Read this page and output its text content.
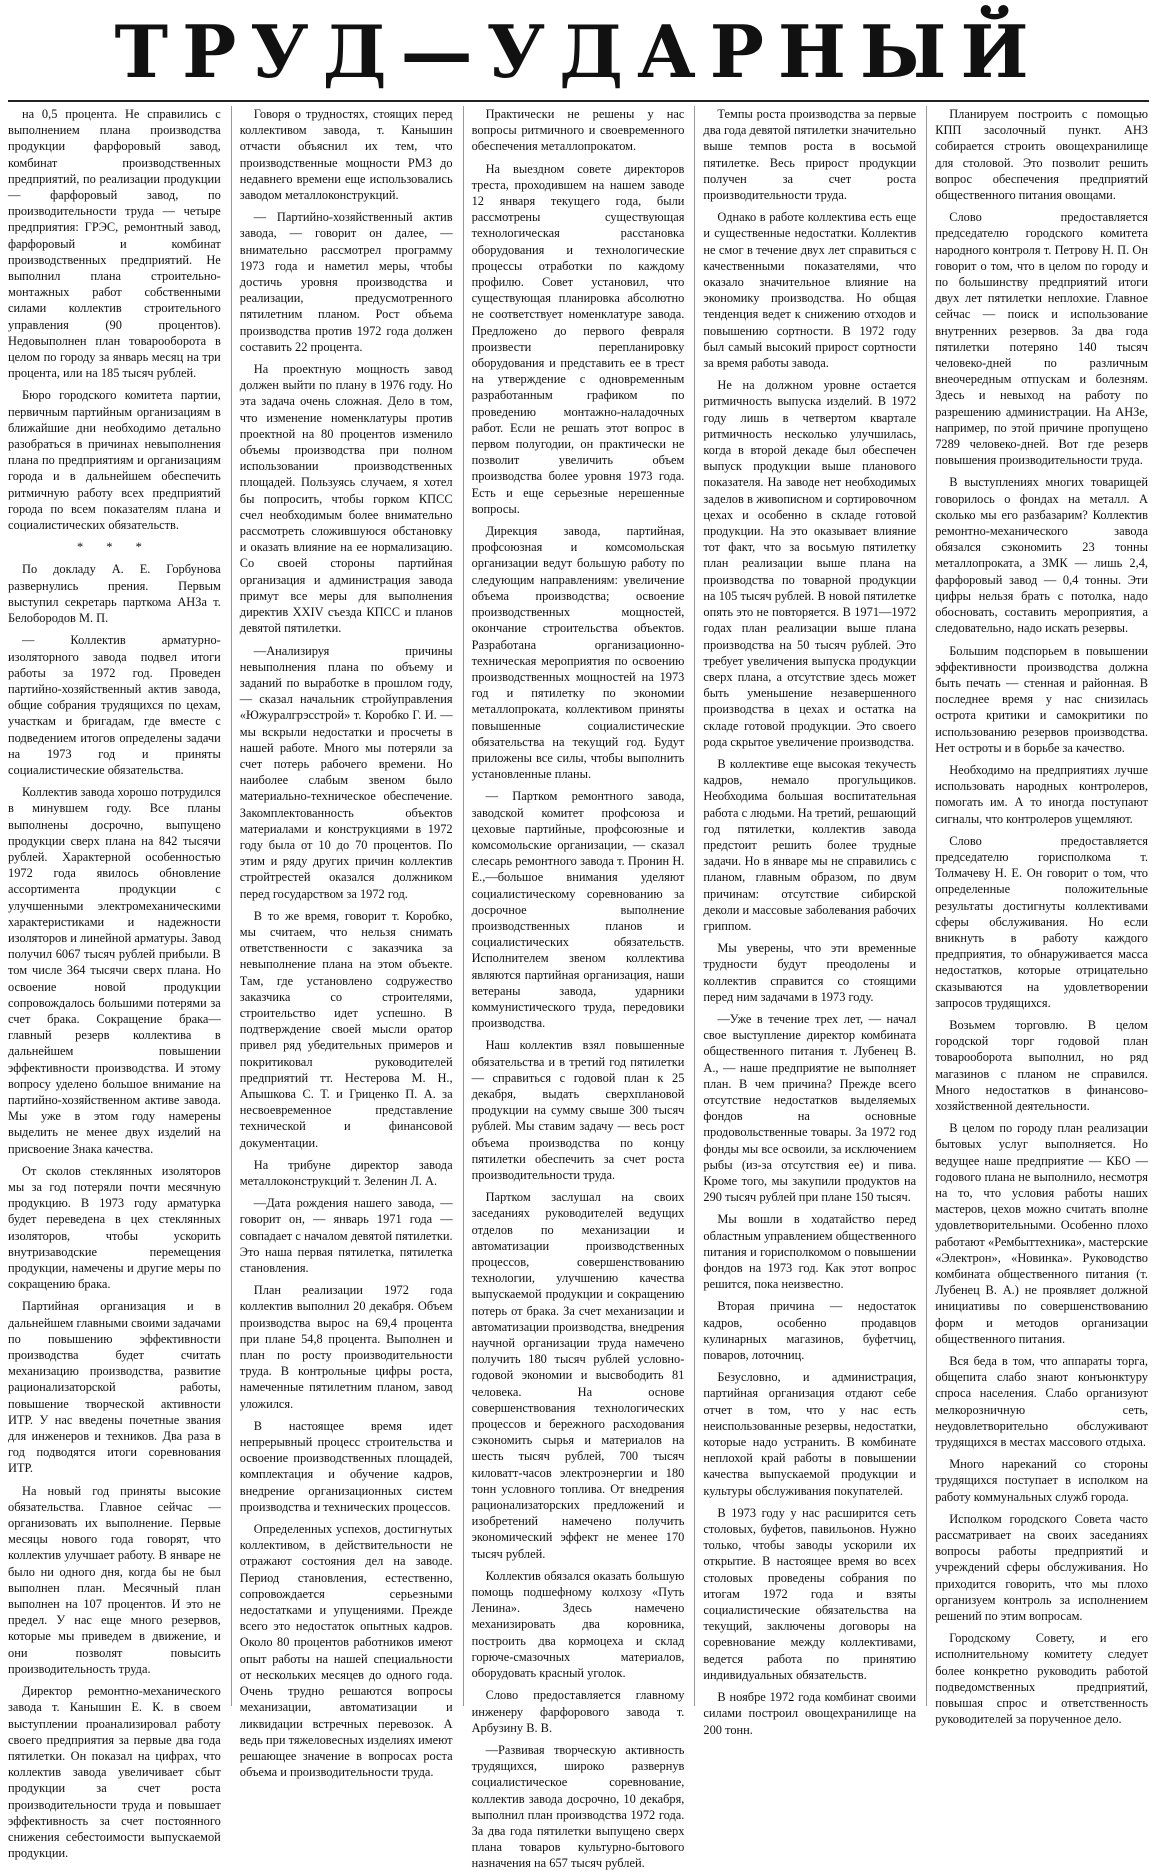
ТРУД—УДАРНЫЙ

на 0,5 процента. Не справились с выполнением плана производства продукции фарфоровый завод, комбинат производственных предприятий, по реализации продукции — фарфоровый завод, по производительности труда — четыре предприятия: ГРЭС, ремонтный завод, фарфоровый и комбинат производственных предприятий. Не выполнил плана строительно-монтажных работ собственными силами коллектив строительного управления (90 процентов). Недовыполнен план товарооборота в целом по городу за январь месяц на три процента, или на 185 тысяч рублей.

Бюро городского комитета партии, первичным партийным организациям в ближайшие дни необходимо детально разобраться в причинах невыполнения плана по предприятиям и организациям города и в дальнейшем обеспечить ритмичную работу всех предприятий города по всем показателям плана и социалистических обязательств.

* * *

По докладу А. Е. Горбунова развернулись прения. Первым выступил секретарь парткома АНЗа т. Белобородов М. П.

— Коллектив арматурно-изоляторного завода подвел итоги работы за 1972 год. Проведен партийно-хозяйственный актив завода, общие собрания трудящихся по цехам, участкам и бригадам, где вместе с подведением итогов определены задачи на 1973 год и приняты социалистические обязательства.

Коллектив завода хорошо потрудился в минувшем году. Все планы выполнены досрочно, выпущено продукции сверх плана на 842 тысячи рублей. Характерной особенностью 1972 года явилось обновление ассортимента продукции с улучшенными электромеханическими характеристиками и надежности изоляторов и линейной арматуры. Завод получил 6067 тысяч рублей прибыли. В том числе 364 тысячи сверх плана. Но освоение новой продукции сопровождалось большими потерями за счет брака. Сокращение брака—главный резерв коллектива в дальнейшем повышении эффективности производства. И этому вопросу уделено большое внимание на партийно-хозяйственном активе завода. Мы уже в этом году намерены выделить не менее двух изделий на присвоение Знака качества.

От сколов стеклянных изоляторов мы за год потеряли почти месячную продукцию. В 1973 году арматурка будет переведена в цех стеклянных изоляторов, чтобы ускорить внутризаводские перемещения продукции, намечены и другие меры по сокращению брака.

Партийная организация и в дальнейшем главными своими задачами по повышению эффективности производства будет считать механизацию производства, развитие рационализаторской работы, повышение творческой активности ИТР. У нас введены почетные звания для инженеров и техников. Два раза в год подводятся итоги соревнования ИТР.

На новый год приняты высокие обязательства. Главное сейчас — организовать их выполнение. Первые месяцы нового года говорят, что коллектив улучшает работу. В январе не было ни одного дня, когда бы не был выполнен план. Месячный план выполнен на 107 процентов. И это не предел. У нас еще много резервов, которые мы приведем в движение, и они позволят повысить производительность труда.

Директор ремонтно-механического завода т. Канышин Е. К. в своем выступлении проанализировал работу своего предприятия за первые два года пятилетки. Он показал на цифрах, что коллектив завода увеличивает сбыт продукции за счет роста производительности труда и повышает эффективность за счет постоянного снижения себестоимости выпускаемой продукции.

Говоря о трудностях, стоящих перед коллективом завода, т. Канышин отчасти объяснил их тем, что производственные мощности РМЗ до недавнего времени еще использовались заводом металлоконструкций.

— Партийно-хозяйственный актив завода, — говорит он далее, — внимательно рассмотрел программу 1973 года и наметил меры, чтобы достичь уровня производства и реализации, предусмотренного пятилетним планом. Рост объема производства против 1972 года должен составить 22 процента.

На проектную мощность завод должен выйти по плану в 1976 году. Но эта задача очень сложная. Дело в том, что изменение номенклатуры против проектной на 80 процентов изменило объемы производства при полном использовании производственных площадей. Пользуясь случаем, я хотел бы попросить, чтобы горком КПСС счел необходимым более внимательно рассмотреть сложившуюся обстановку и оказать влияние на ее нормализацию. Со своей стороны партийная организация и администрация завода примут все меры для выполнения директив XXIV съезда КПСС и планов девятой пятилетки.

—Анализируя причины невыполнения плана по объему и заданий по выработке в прошлом году, — сказал начальник стройуправления «Южуралгрэсстрой» т. Коробко Г. И. — мы вскрыли недостатки и просчеты в нашей работе. Много мы потеряли за счет потерь рабочего времени. Но наиболее слабым звеном было материально-техническое обеспечение. Закомплектованность объектов материалами и конструкциями в 1972 году была от 10 до 70 процентов. По этим и ряду других причин коллектив стройтрестей оказался должником перед государством за 1972 год.

В то же время, говорит т. Коробко, мы считаем, что нельзя снимать ответственности с заказчика за невыполнение плана на этом объекте. Там, где установлено содружество заказчика со строителями, строительство идет успешно. В подтверждение своей мысли оратор привел ряд убедительных примеров и покритиковал руководителей предприятий тт. Нестерова М. Н., Апышкова С. Т. и Гриценко П. А. за несвоевременное представление технической и финансовой документации.

На трибуне директор завода металлоконструкций т. Зеленин Л. А.

—Дата рождения нашего завода, — говорит он, — январь 1971 года — совпадает с началом девятой пятилетки. Это наша первая пятилетка, пятилетка становления.

План реализации 1972 года коллектив выполнил 20 декабря. Объем производства вырос на 69,4 процента при плане 54,8 процента. Выполнен и план по росту производительности труда. В контрольные цифры роста, намеченные пятилетним планом, завод уложился.

В настоящее время идет непрерывный процесс строительства и освоение производственных площадей, комплектация и обучение кадров, внедрение организационных систем производства и технических процессов.

Определенных успехов, достигнутых коллективом, в действительности не отражают состояния дел на заводе. Период становления, естественно, сопровождается серьезными недостатками и упущениями. Прежде всего это недостаток опытных кадров. Около 80 процентов работников имеют опыт работы на нашей специальности от нескольких месяцев до одного года. Очень трудно решаются вопросы механизации, автоматизации и ликвидации встречных перевозок. А ведь при тяжеловесных изделиях имеют решающее значение в вопросах роста объема и производительности труда.

Практически не решены у нас вопросы ритмичного и своевременного обеспечения металлопрокатом.

На выездном совете директоров треста, проходившем на нашем заводе 12 января текущего года, были рассмотрены существующая технологическая расстановка оборудования и технологические процессы отработки по каждому профилю. Совет установил, что существующая планировка абсолютно не соответствует номенклатуре завода. Предложено до первого февраля произвести перепланировку оборудования и представить ее в трест на утверждение с одновременным разработанным графиком по проведению монтажно-наладочных работ. Если не решать этот вопрос в первом полугодии, он практически не позволит увеличить объем производства более уровня 1973 года. Есть и еще серьезные нерешенные вопросы.

Дирекция завода, партийная, профсоюзная и комсомольская организации ведут большую работу по следующим направлениям: увеличение объема производства; освоение производственных мощностей, окончание строительства объектов. Разработана организационно-техническая мероприятия по освоению производственных мощностей на 1973 год и пятилетку по экономии металлопроката, коллективом приняты повышенные социалистические обязательства на текущий год. Будут приложены все силы, чтобы выполнить установленные планы.

— Партком ремонтного завода, заводской комитет профсоюза и цеховые партийные, профсоюзные и комсомольские организации, — сказал слесарь ремонтного завода т. Пронин Н. Е.,—большое внимания уделяют социалистическому соревнованию за досрочное выполнение производственных планов и социалистических обязательств. Исполнителем звеном коллектива являются партийная организация, наши ветераны завода, ударники коммунистического труда, передовики производства.

Наш коллектив взял повышенные обязательства и в третий год пятилетки — справиться с годовой план к 25 декабря, выдать сверхплановой продукции на сумму свыше 300 тысяч рублей. Мы ставим задачу — весь рост объема производства по концу пятилетки обеспечить за счет роста производительности труда.

Партком заслушал на своих заседаниях руководителей ведущих отделов по механизации и автоматизации производственных процессов, совершенствованию технологии, улучшению качества выпускаемой продукции и сокращению потерь от брака. За счет механизации и автоматизации производства, внедрения научной организации труда намечено получить 180 тысяч рублей условно-годовой экономии и высвободить 81 человека. На основе совершенствования технологических процессов и бережного расходования сэкономить сырья и материалов на шесть тысяч рублей, 700 тысяч киловатт-часов электроэнергии и 180 тонн условного топлива. От внедрения рационализаторских предложений и изобретений намечено получить экономический эффект не менее 170 тысяч рублей.

Коллектив обязался оказать большую помощь подшефному колхозу «Путь Ленина». Здесь намечено механизировать два коровника, построить два кормоцеха и склад горюче-смазочных материалов, оборудовать красный уголок.

Слово предоставляется главному инженеру фарфорового завода т. Арбузину В. В.

—Развивая творческую активность трудящихся, широко развернув социалистическое соревнование, коллектив завода досрочно, 10 декабря, выполнил план производства 1972 года. За два года пятилетки выпущено сверх плана товаров культурно-бытового назначения на 657 тысяч рублей.

Темпы роста производства за первые два года девятой пятилетки значительно выше темпов роста в восьмой пятилетке. Весь прирост продукции получен за счет роста производительности труда.

Однако в работе коллектива есть еще и существенные недостатки. Коллектив не смог в течение двух лет справиться с качественными показателями, что оказало значительное влияние на экономику производства. Но общая тенденция ведет к снижению отходов и повышению сортности. В 1972 году был самый высокий прирост сортности за время работы завода.

Не на должном уровне остается ритмичность выпуска изделий. В 1972 году лишь в четвертом квартале ритмичность несколько улучшилась, когда в второй декаде был обеспечен выпуск продукции выше планового показателя. На заводе нет необходимых заделов в живописном и сортировочном цехах и особенно в складе готовой продукции. На это оказывает влияние тот факт, что за восьмую пятилетку план реализации выше плана на производства по товарной продукции на 105 тысяч рублей. В новой пятилетке опять это не повторяется. В 1971—1972 годах план реализации выше плана производства на 50 тысяч рублей. Это требует увеличения выпуска продукции сверх плана, а отсутствие здесь может быть уменьшение незавершенного производства в цехах и остатка на складе готовой продукции. Это своего рода скрытое увеличение производства.

В коллективе еще высокая текучесть кадров, немало прогульщиков. Необходима большая воспитательная работа с людьми. На третий, решающий год пятилетки, коллектив завода предстоит решить более трудные задачи. Но в январе мы не справились с планом, главным образом, по двум причинам: отсутствие сибирской деколи и массовые заболевания рабочих гриппом.

Мы уверены, что эти временные трудности будут преодолены и коллектив справится со стоящими перед ним задачами в 1973 году.

—Уже в течение трех лет, — начал свое выступление директор комбината общественного питания т. Лубенец В. А., — наше предприятие не выполняет план. В чем причина? Прежде всего отсутствие недостатков выделяемых фондов на основные продовольственные товары. За 1972 год фонды мы все освоили, за исключением рыбы (из-за отсутствия ее) и пива. Кроме того, мы закупили продуктов на 290 тысяч рублей при плане 150 тысяч.

Мы вошли в ходатайство перед областным управлением общественного питания и горисполкомом о повышении фондов на 1973 год. Как этот вопрос решится, пока неизвестно.

Вторая причина — недостаток кадров, особенно продавцов кулинарных магазинов, буфетчиц, поваров, лоточниц.

Безусловно, и администрация, партийная организация отдают себе отчет в том, что у нас есть неиспользованные резервы, недостатки, которые надо устранить. В комбинате неплохой край работы в повышении качества выпускаемой продукции и культуры обслуживания покупателей.

В 1973 году у нас расширится сеть столовых, буфетов, павильонов. Нужно только, чтобы заводы ускорили их открытие. В настоящее время во всех столовых проведены собрания по итогам 1972 года и взяты социалистические обязательства на текущий, заключены договоры на соревнование между коллективами, ведется работа по принятию индивидуальных обязательств.

В ноябре 1972 года комбинат своими силами построил овощехранилище на 200 тонн.

Планируем построить с помощью КПП засолочный пункт. АНЗ собирается строить овощехранилище для столовой. Это позволит решить вопрос обеспечения предприятий общественного питания овощами.

Слово предоставляется председателю городского комитета народного контроля т. Петрову Н. П. Он говорит о том, что в целом по городу и по большинству предприятий итоги двух лет пятилетки неплохие. Главное сейчас — поиск и использование внутренних резервов. За два года пятилетки потеряно 140 тысяч человеко-дней по различным внеочередным отпускам и болезням. Здесь и невыход на работу по разрешению администрации. На АНЗе, например, по этой причине пропущено 7289 человеко-дней. Вот где резерв повышения производительности труда.

В выступлениях многих товарищей говорилось о фондах на металл. А сколько мы его разбазарим? Коллектив ремонтно-механического завода обязался сэкономить 23 тонны металлопроката, а ЗМК — лишь 2,4, фарфоровый завод — 0,4 тонны. Эти цифры нельзя брать с потолка, надо обосновать, составить мероприятия, а следовательно, надо искать резервы.

Большим подспорьем в повышении эффективности производства должна быть печать — стенная и районная. В последнее время у нас снизилась острота критики и самокритики по использованию резервов производства. Нет остроты и в борьбе за качество.

Необходимо на предприятиях лучше использовать народных контролеров, помогать им. А то иногда поступают сигналы, что контролеров ущемляют.

Слово предоставляется председателю горисполкома т. Толмачеву Н. Е. Он говорит о том, что определенные положительные результаты достигнуты коллективами сферы обслуживания. Но если вникнуть в работу каждого предприятия, то обнаруживается масса недостатков, которые отрицательно сказываются на удовлетворении запросов трудящихся.

Возьмем торговлю. В целом городской торг годовой план товарооборота выполнил, но ряд магазинов с планом не справился. Много недостатков в финансово-хозяйственной деятельности.

В целом по городу план реализации бытовых услуг выполняется. Но ведущее наше предприятие — КБО — годового плана не выполнило, несмотря на то, что условия работы наших мастеров, цехов можно считать вполне удовлетворительными. Особенно плохо работают «Рембыттехника», мастерские «Электрон», «Новинка». Руководство комбината общественного питания (т. Лубенец В. А.) не проявляет должной инициативы по совершенствованию форм и методов организации общественного питания.

Вся беда в том, что аппараты торга, общепита слабо знают конъюнктуру спроса населения. Слабо организуют мелкорозничную сеть, неудовлетворительно обслуживают трудящихся в местах массового отдыха.

Много нареканий со стороны трудящихся поступает в исполком на работу коммунальных служб города.

Исполком городского Совета часто рассматривает на своих заседаниях вопросы работы предприятий и учреждений сферы обслуживания. Но приходится говорить, что мы плохо организуем контроль за исполнением решений по этим вопросам.

Городскому Совету, и его исполнительному комитету следует более конкретно руководить работой подведомственных предприятий, повышая спрос и ответственность руководителей за порученное дело.
